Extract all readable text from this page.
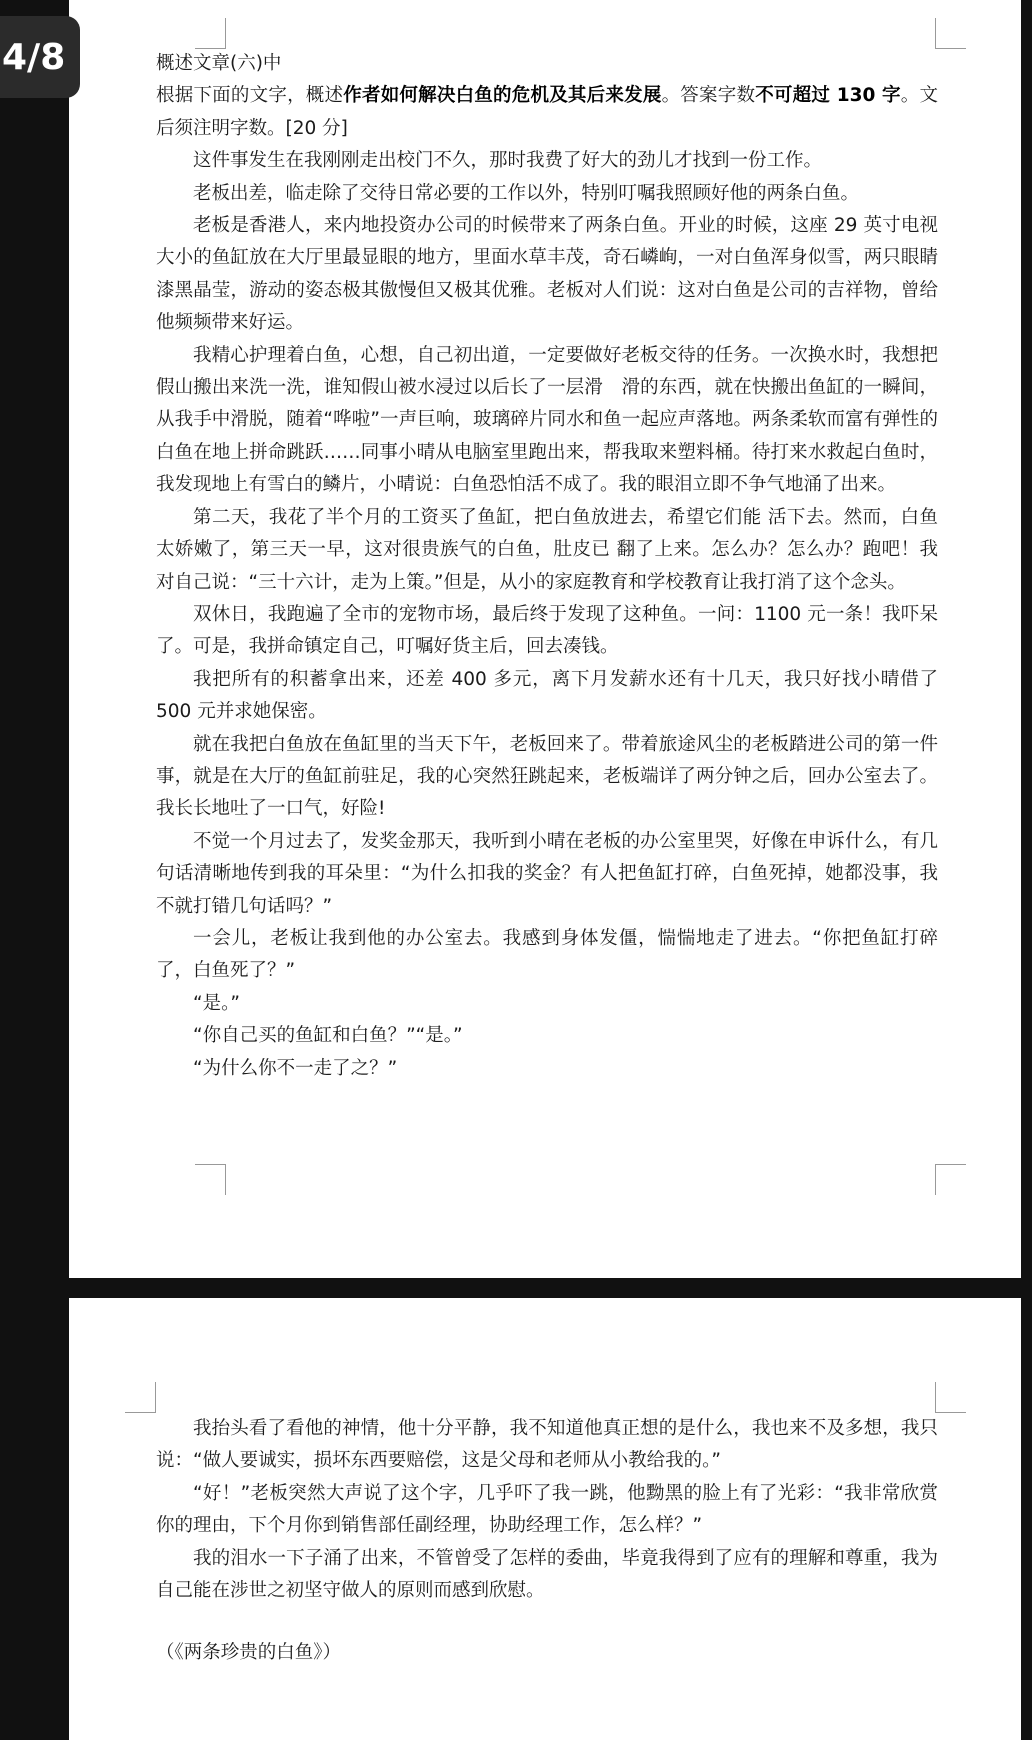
4/8	概述文章(六)中

根据下面的文字，概述作者如何解决白鱼的危机及其后来发展。答案字数不可超过 130 字。文后须注明字数。[20 分]

这件事发生在我刚刚走出校门不久，那时我费了好大的劲儿才找到一份工作。

老板出差，临走除了交待日常必要的工作以外，特别叮嘱我照顾好他的两条白鱼。

老板是香港人，来内地投资办公司的时候带来了两条白鱼。开业的时候，这座 29 英寸电视大小的鱼缸放在大厅里最显眼的地方，里面水草丰茂，奇石嶙峋，一对白鱼浑身似雪，两只眼睛漆黑晶莹，游动的姿态极其傲慢但又极其优雅。老板对人们说：这对白鱼是公司的吉祥物，曾给他频频带来好运。

我精心护理着白鱼，心想，自己初出道，一定要做好老板交待的任务。一次换水时，我想把假山搬出来洗一洗，谁知假山被水浸过以后长了一层滑　滑的东西，就在快搬出鱼缸的一瞬间，从我手中滑脱，随着“哗啦”一声巨响，玻璃碎片同水和鱼一起应声落地。两条柔软而富有弹性的白鱼在地上拼命跳跃……同事小晴从电脑室里跑出来，帮我取来塑料桶。待打来水救起白鱼时，我发现地上有雪白的鳞片，小晴说：白鱼恐怕活不成了。我的眼泪立即不争气地涌了出来。

第二天，我花了半个月的工资买了鱼缸，把白鱼放进去，希望它们能 活下去。然而，白鱼太娇嫩了，第三天一早，这对很贵族气的白鱼，肚皮已 翻了上来。怎么办？怎么办？跑吧！我对自己说：“三十六计，走为上策。”但是，从小的家庭教育和学校教育让我打消了这个念头。

双休日，我跑遍了全市的宠物市场，最后终于发现了这种鱼。一问：1100 元一条！我吓呆了。可是，我拼命镇定自己，叮嘱好货主后，回去凑钱。

我把所有的积蓄拿出来，还差 400 多元，离下月发薪水还有十几天，我只好找小晴借了 500 元并求她保密。

就在我把白鱼放在鱼缸里的当天下午，老板回来了。带着旅途风尘的老板踏进公司的第一件事，就是在大厅的鱼缸前驻足，我的心突然狂跳起来，老板端详了两分钟之后，回办公室去了。我长长地吐了一口气，好险!

不觉一个月过去了，发奖金那天，我听到小晴在老板的办公室里哭，好像在申诉什么，有几句话清晰地传到我的耳朵里：“为什么扣我的奖金？有人把鱼缸打碎，白鱼死掉，她都没事，我不就打错几句话吗？”

一会儿，老板让我到他的办公室去。我感到身体发僵，惴惴地走了进去。“你把鱼缸打碎了，白鱼死了？”

“是。”

“你自己买的鱼缸和白鱼？”“是。”

“为什么你不一走了之？”

我抬头看了看他的神情，他十分平静，我不知道他真正想的是什么，我也来不及多想，我只说：“做人要诚实，损坏东西要赔偿，这是父母和老师从小教给我的。”

“好！”老板突然大声说了这个字，几乎吓了我一跳，他黝黑的脸上有了光彩：“我非常欣赏你的理由，下个月你到销售部任副经理，协助经理工作，怎么样？”

我的泪水一下子涌了出来，不管曾受了怎样的委曲，毕竟我得到了应有的理解和尊重，我为自己能在涉世之初坚守做人的原则而感到欣慰。

（《两条珍贵的白鱼》）
